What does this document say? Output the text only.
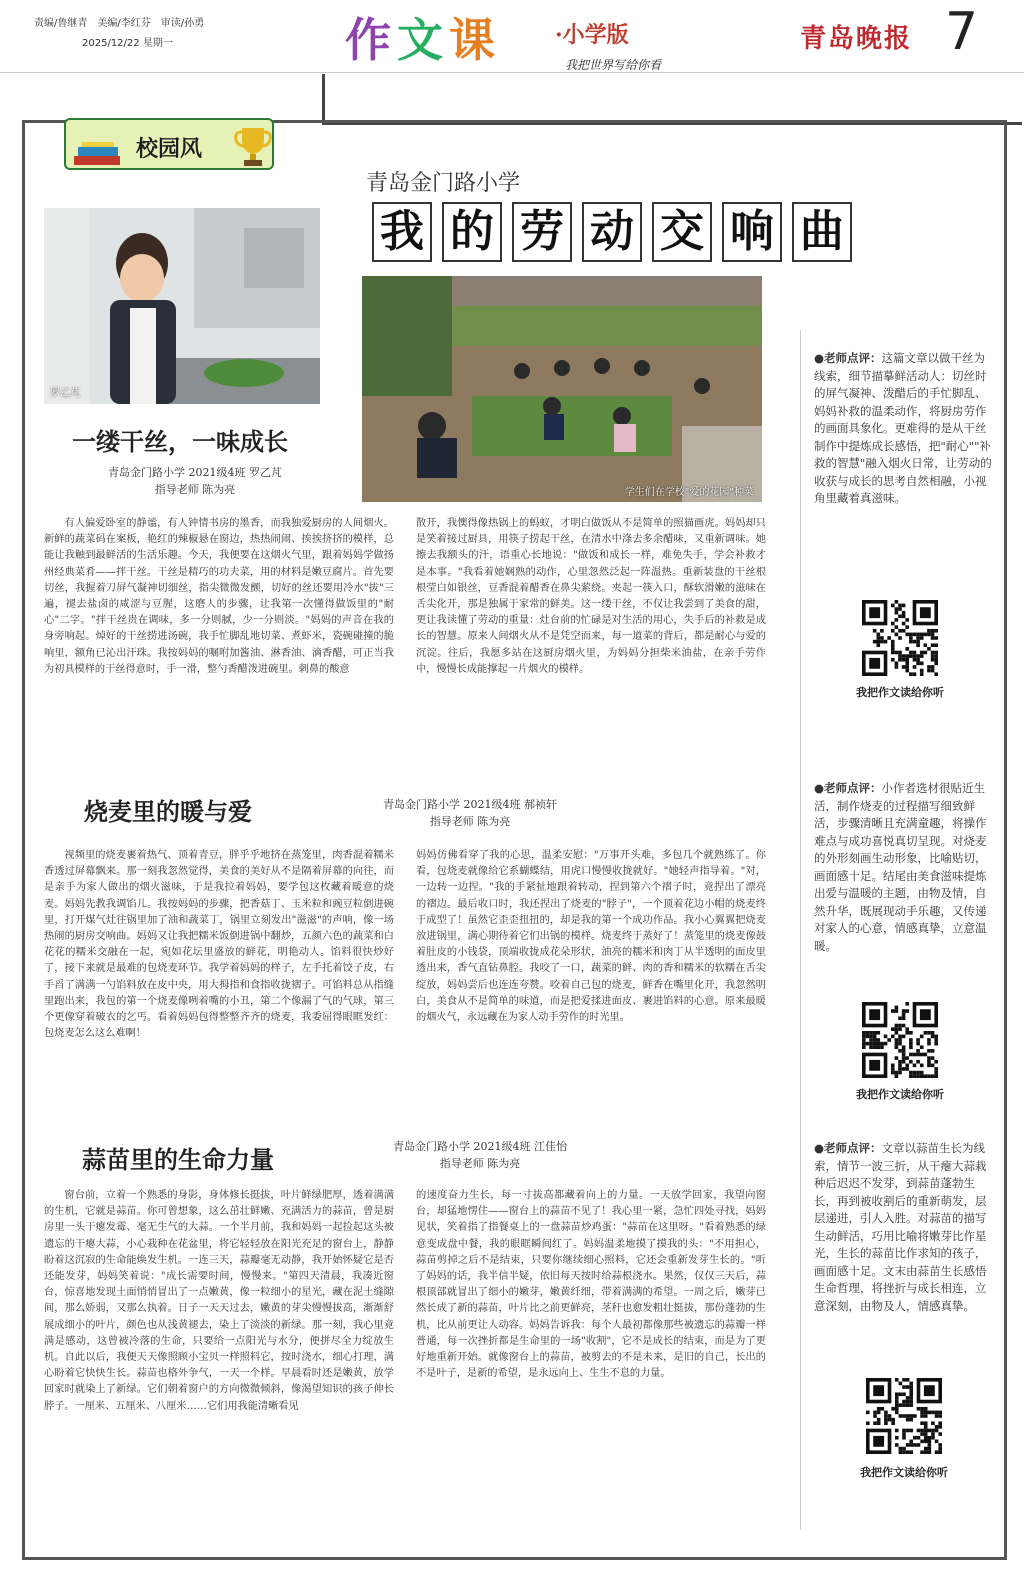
责编/鲁继青　美编/李红芬　审读/孙勇
2025/12/22 星期一	作 文 课 ·小学版
我把世界写给你看
青岛晚报 7
校园风
青岛金门路小学
我 的 劳 动 交 响 曲
罗乙芃
学生们在学校"爱的花园"种菜
一缕干丝，一味成长
青岛金门路小学 2021级4班 罗乙芃
指导老师 陈为亮
有人偏爱卧室的静谧，有人钟情书房的墨香，而我独爱厨房的人间烟火。新鲜的蔬菜码在案板，艳红的辣椒悬在窗边，热热闹闹、挨挨挤挤的模样，总能让我触到最鲜活的生活乐趣。今天，我便要在这烟火气里，跟着妈妈学做扬州经典菜肴——拌干丝。干丝是精巧的功夫菜，用的材料是嫩豆腐片。首先要切丝，我握着刀屏气凝神切细丝，指尖微微发颤，切好的丝还要用冷水"拔"三遍，褪去盐卤的咸涩与豆腥，这磨人的步骤，让我第一次懂得做饭里的"耐心"二字。"拌干丝贵在调味，多一分则腻，少一分则淡。"妈妈的声音在我的身旁响起。焯好的干丝捞进汤碗，我手忙脚乱地切菜、煮虾米，瓷碗碰撞的脆响里，额角已沁出汗珠。我按妈妈的嘱咐加酱油、淋香油、滴香醋，可正当我为初具模样的干丝得意时，手一滑，整勺香醋泼进碗里。刺鼻的酸意
散开，我懊得像热锅上的蚂蚁，才明白做饭从不是简单的照猫画虎。妈妈却只是笑着接过厨具，用筷子捞起干丝，在清水中涤去多余醋味，又重新调味。她擦去我额头的汗，语重心长地说："做饭和成长一样，难免失手，学会补救才是本事。"我看着她娴熟的动作，心里忽然泛起一阵温热。重新装盘的干丝根根莹白如银丝，豆香混着醋香在鼻尖萦绕。夹起一筷入口，酥软滑嫩的滋味在舌尖化开，那是独属于家常的鲜美。这一缕干丝，不仅让我尝到了美食的甜，更让我读懂了劳动的重量：灶台前的忙碌是对生活的用心，失手后的补救是成长的智慧。原来人间烟火从不是凭空而来，每一道菜的背后，都是耐心与爱的沉淀。往后，我愿多站在这厨房烟火里，为妈妈分担柴米油盐，在亲手劳作中，慢慢长成能撑起一片烟火的模样。
烧麦里的暖与爱	青岛金门路小学 2021级4班 郝祯轩
指导老师 陈为亮
视频里的烧麦裹着热气、顶着青豆，胖乎乎地挤在蒸笼里，肉香混着糯米香透过屏幕飘来。那一刻我忽然觉得，美食的美好从不是隔着屏幕的向往，而是亲手为家人做出的烟火滋味，于是我拉着妈妈，要学包这枚藏着暖意的烧麦。妈妈先教我调馅儿。我按妈妈的步骤，把香菇丁、玉米粒和豌豆粒倒进碗里，打开煤气灶往锅里加了油和蔬菜丁，锅里立刻发出"滋滋"的声响，像一场热闹的厨房交响曲。妈妈又让我把糯米饭倒进锅中翻炒，五颜六色的蔬菜和白花花的糯米交融在一起，宛如花坛里盛放的鲜花，明艳动人。馅料很快炒好了，接下来就是最难的包烧麦环节。我学着妈妈的样子，左手托着饺子皮，右手舀了满满一勺馅料放在皮中央，用大拇指和食指收拢褶子。可馅料总从指缝里跑出来，我包的第一个烧麦像咧着嘴的小丑，第二个像漏了气的气球，第三个更像穿着破衣的乞丐。看着妈妈包得整整齐齐的烧麦，我委屈得眼眶发红：包烧麦怎么这么难啊！
妈妈仿佛看穿了我的心思，温柔安慰："万事开头难，多包几个就熟练了。你看，包烧麦就像给它系蝴蝶结，用虎口慢慢收拢就好。"她轻声指导着。"对，一边转一边捏。"我的手紧扯地跟着转动，捏到第六个褶子时，竟捏出了漂亮的褶边。最后收口时，我还捏出了烧麦的"脖子"，一个顶着花边小帽的烧麦终于成型了！虽然它歪歪扭扭的，却是我的第一个成功作品。我小心翼翼把烧麦放进锅里，满心期待着它们出锅的模样。烧麦终于蒸好了！蒸笼里的烧麦像鼓着肚皮的小钱袋，顶端收拢成花朵形状，油亮的糯米和肉丁从半透明的面皮里透出来，香气直钻鼻腔。我咬了一口，蔬菜的鲜、肉的香和糯米的软糯在舌尖绽放，妈妈尝后也连连夸赞。咬着自己包的烧麦，鲜香在嘴里化开，我忽然明白，美食从不是简单的味道，而是把爱揉进面皮、裹进馅料的心意。原来最暖的烟火气，永远藏在为家人动手劳作的时光里。
蒜苗里的生命力量	青岛金门路小学 2021级4班 江佳怡
指导老师 陈为亮
窗台前，立着一个熟悉的身影，身体修长挺拔，叶片鲜绿肥厚，透着满满的生机，它就是蒜苗。你可曾想象，这么茁壮鲜嫩、充满活力的蒜苗，曾是厨房里一头干瘪发霉、毫无生气的大蒜。一个半月前，我和妈妈一起捡起这头被遗忘的干瘪大蒜，小心栽种在花盆里，将它轻轻放在阳光充足的窗台上，静静盼着这沉寂的生命能焕发生机。一连三天，蒜瓣毫无动静，我开始怀疑它是否还能发芽，妈妈笑着说："成长需要时间，慢慢来。"第四天清晨，我凑近窗台，惊喜地发现土面悄悄冒出了一点嫩黄，像一粒细小的星光，藏在泥土缝隙间，那么娇弱，又那么执着。日子一天天过去，嫩黄的芽尖慢慢拔高，渐渐舒展成细小的叶片，颜色也从浅黄褪去，染上了淡淡的新绿。那一刻，我心里竟满是感动，这曾被冷落的生命，只要给一点阳光与水分，便拼尽全力绽放生机。自此以后，我便天天像照顾小宝贝一样照料它，按时浇水，细心打理，满心盼着它快快生长。蒜苗也格外争气，一天一个样。早晨看时还是嫩黄，放学回家时就染上了新绿。它们朝着窗户的方向微微倾斜，像渴望知识的孩子伸长脖子。一厘米、五厘米、八厘米……它们用我能清晰看见
的速度奋力生长，每一寸拔高都藏着向上的力量。一天放学回家，我望向窗台，却猛地愣住——窗台上的蒜苗不见了！我心里一紧，急忙四处寻找，妈妈见状，笑着指了指餐桌上的一盘蒜苗炒鸡蛋："蒜苗在这里呀。"看着熟悉的绿意变成盘中餐，我的眼眶瞬间红了。妈妈温柔地摸了摸我的头："不用担心，蒜苗剪掉之后不是结束，只要你继续细心照料，它还会重新发芽生长的。"听了妈妈的话，我半信半疑，依旧每天按时给蒜根浇水。果然，仅仅三天后，蒜根顶部就冒出了细小的嫩芽，嫩黄纤细，带着满满的希望。一周之后，嫩芽已然长成了新的蒜苗，叶片比之前更鲜亮，茎秆也愈发粗壮挺拔，那份蓬勃的生机，比从前更让人动容。妈妈告诉我：每个人最初都像那些被遗忘的蒜瓣一样普通，每一次挫折都是生命里的一场"收割"，它不是成长的结束，而是为了更好地重新开始。就像窗台上的蒜苗，被剪去的不是未来，是旧的自己，长出的不是叶子，是新的希望，是永远向上、生生不息的力量。
●老师点评：这篇文章以做干丝为线索，细节描摹鲜活动人：切丝时的屏气凝神、泼醋后的手忙脚乱、妈妈补救的温柔动作，将厨房劳作的画面具象化。更难得的是从干丝制作中提炼成长感悟，把"耐心""补救的智慧"融入烟火日常，让劳动的收获与成长的思考自然相融，小视角里藏着真滋味。
我把作文读给你听
●老师点评：小作者选材很贴近生活，制作烧麦的过程描写细致鲜活，步骤清晰且充满童趣，将操作难点与成功喜悦真切呈现。对烧麦的外形刻画生动形象，比喻贴切，画面感十足。结尾由美食滋味提炼出爱与温暖的主题，由物及情，自然升华，既展现动手乐趣，又传递对家人的心意，情感真挚，立意温暖。
我把作文读给你听
●老师点评：文章以蒜苗生长为线索，情节一波三折，从干瘪大蒜栽种后迟迟不发芽，到蒜苗蓬勃生长，再到被收割后的重新萌发，层层递进，引人入胜。对蒜苗的描写生动鲜活，巧用比喻将嫩芽比作星光，生长的蒜苗比作求知的孩子，画面感十足。文末由蒜苗生长感悟生命哲理，将挫折与成长相连，立意深刻，由物及人，情感真挚。
我把作文读给你听
